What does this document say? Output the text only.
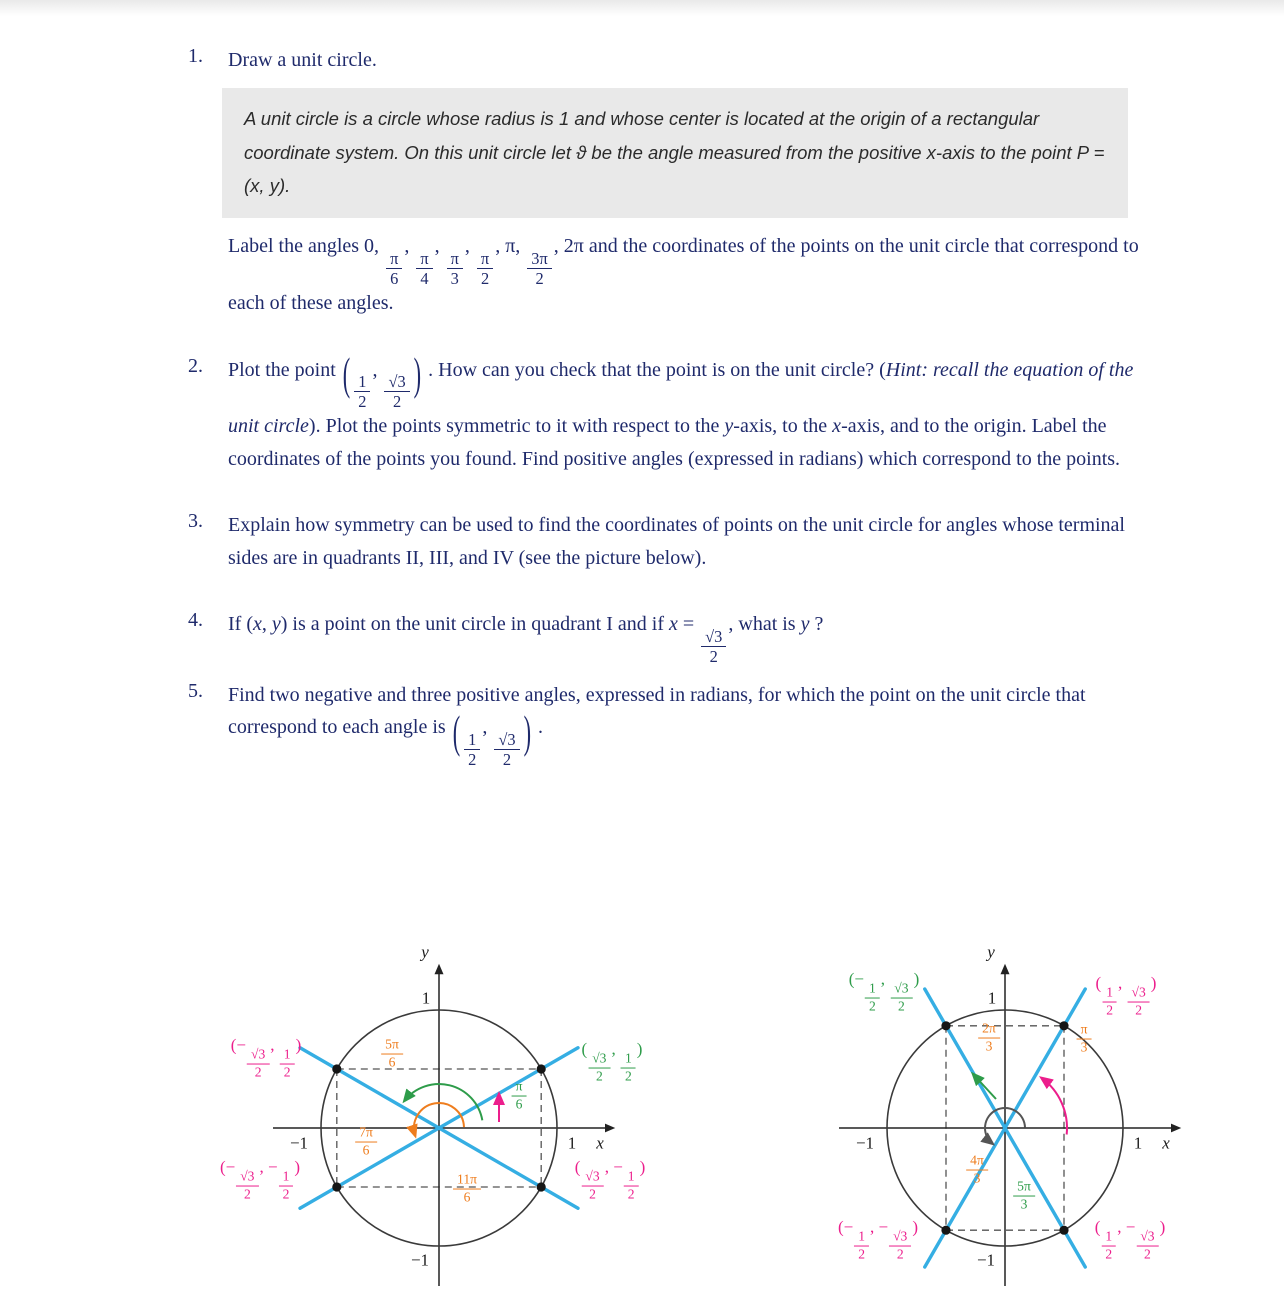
1.	Draw a unit circle.

A unit circle is a circle whose radius is 1 and whose center is located at the origin of a rectangular coordinate system. On this unit circle let ϑ be the angle measured from the positive x-axis to the point P = (x, y).

Label the angles 0,
$\frac{\pi}{6}$
,
$\frac{\pi}{4}$
,
$\frac{\pi}{3}$
,
$\frac{\pi}{2}$
, π,
$\frac{3\pi}{2}$
, 2π and the coordinates of the points on the unit circle that correspond to each of these angles.

2.	Plot the point ( $\frac{1}{2}$
,
$\frac{√3}{2}$ ) . How can you check that the point is on the unit circle? (Hint: recall the equation of the unit circle). Plot the points symmetric to it with respect to the y-axis, to the x-axis, and to the origin. Label the coordinates of the points you found. Find positive angles (expressed in radians) which correspond to the points.

3.	Explain how symmetry can be used to find the coordinates of points on the unit circle for angles whose terminal sides are in quadrants II, III, and IV (see the picture below).

4.	If (x, y) is a point on the unit circle in quadrant I and if x =
$\frac{√3}{2}$
, what is y ?

5.	Find two negative and three positive angles, expressed in radians, for which the point on the unit circle that correspond to each angle is ( $\frac{1}{2}$
,
$\frac{√3}{2}$ ) .

y
1
−1
−1	1 x
(
$\frac{√3}{2}$
,
$\frac{1}{2}$
)
(−
$\frac{√3}{2}$
,
$\frac{1}{2}$
)
(−
$\frac{√3}{2}$
, −
$\frac{1}{2}$
)	(
$\frac{√3}{2}$
, −
$\frac{1}{2}$
)
$\frac{5\pi}{6}$
$\frac{\pi}{6}$
$\frac{7\pi}{6}$
$\frac{11\pi}{6}$
y
1
−1
−1	1 x
(−
$\frac{1}{2}$
,
$\frac{√3}{2}$
)	(
$\frac{1}{2}$
,
$\frac{√3}{2}$
)
(−
$\frac{1}{2}$
, −
$\frac{√3}{2}$
)	(
$\frac{1}{2}$
, −
$\frac{√3}{2}$
)
$\frac{2\pi}{3}$	$\frac{\pi}{3}$
$\frac{4\pi}{3}$
$\frac{5\pi}{3}$
